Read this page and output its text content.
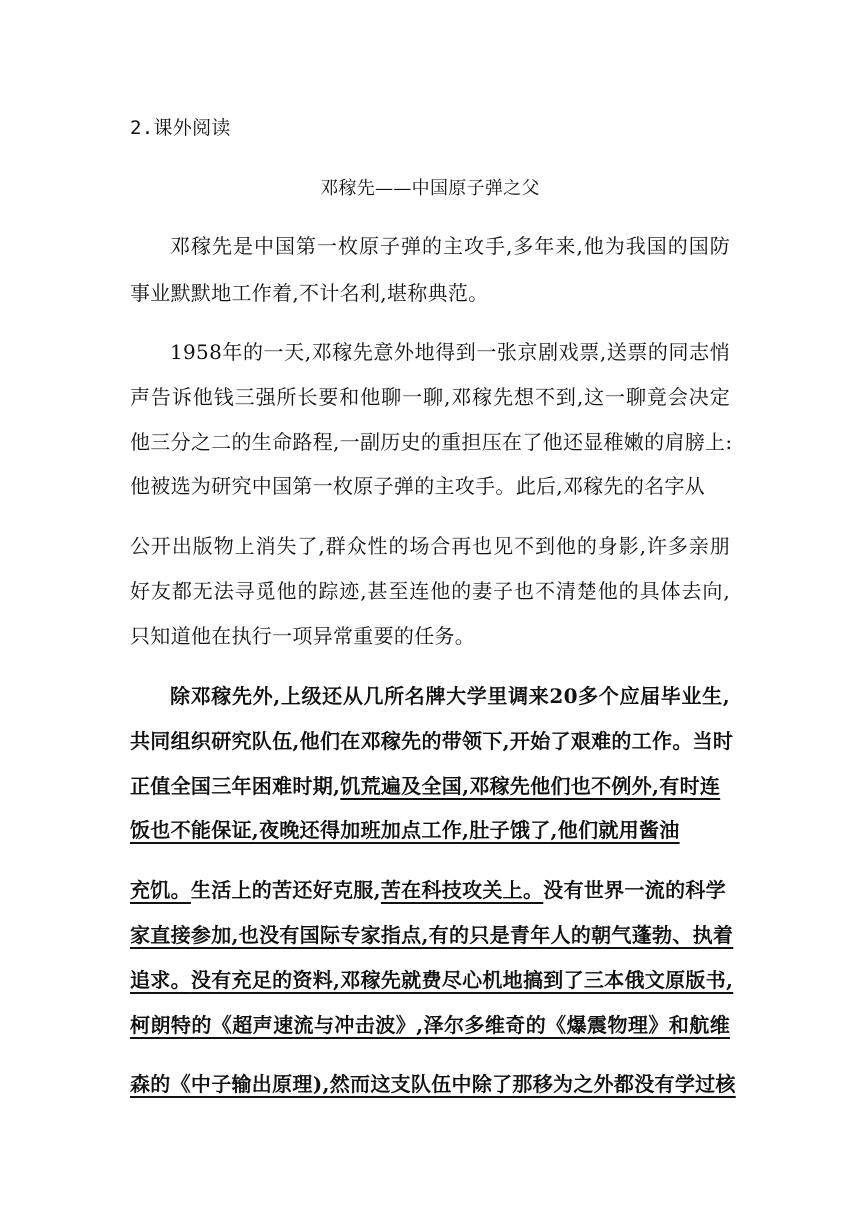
2.课外阅读
邓稼先——中国原子弹之父
邓稼先是中国第一枚原子弹的主攻手,多年来,他为我国的国防
事业默默地工作着,不计名利,堪称典范。
1958年的一天,邓稼先意外地得到一张京剧戏票,送票的同志悄
声告诉他钱三强所长要和他聊一聊,邓稼先想不到,这一聊竟会决定
他三分之二的生命路程,一副历史的重担压在了他还显稚嫩的肩膀上:
他被选为研究中国第一枚原子弹的主攻手。此后,邓稼先的名字从
公开出版物上消失了,群众性的场合再也见不到他的身影,许多亲朋
好友都无法寻觅他的踪迹,甚至连他的妻子也不清楚他的具体去向,
只知道他在执行一项异常重要的任务。
除邓稼先外,上级还从几所名牌大学里调来20多个应届毕业生,
共同组织研究队伍,他们在邓稼先的带领下,开始了艰难的工作。当时
正值全国三年困难时期,饥荒遍及全国,邓稼先他们也不例外,有时连
饭也不能保证,夜晚还得加班加点工作,肚子饿了,他们就用酱油
充饥。生活上的苦还好克服,苦在科技攻关上。没有世界一流的科学
家直接参加,也没有国际专家指点,有的只是青年人的朝气蓬勃、执着
追求。没有充足的资料,邓稼先就费尽心机地搞到了三本俄文原版书,
柯朗特的《超声速流与冲击波》,泽尔多维奇的《爆震物理》和航维
森的《中子输出原理),然而这支队伍中除了那移为之外都没有学过核
